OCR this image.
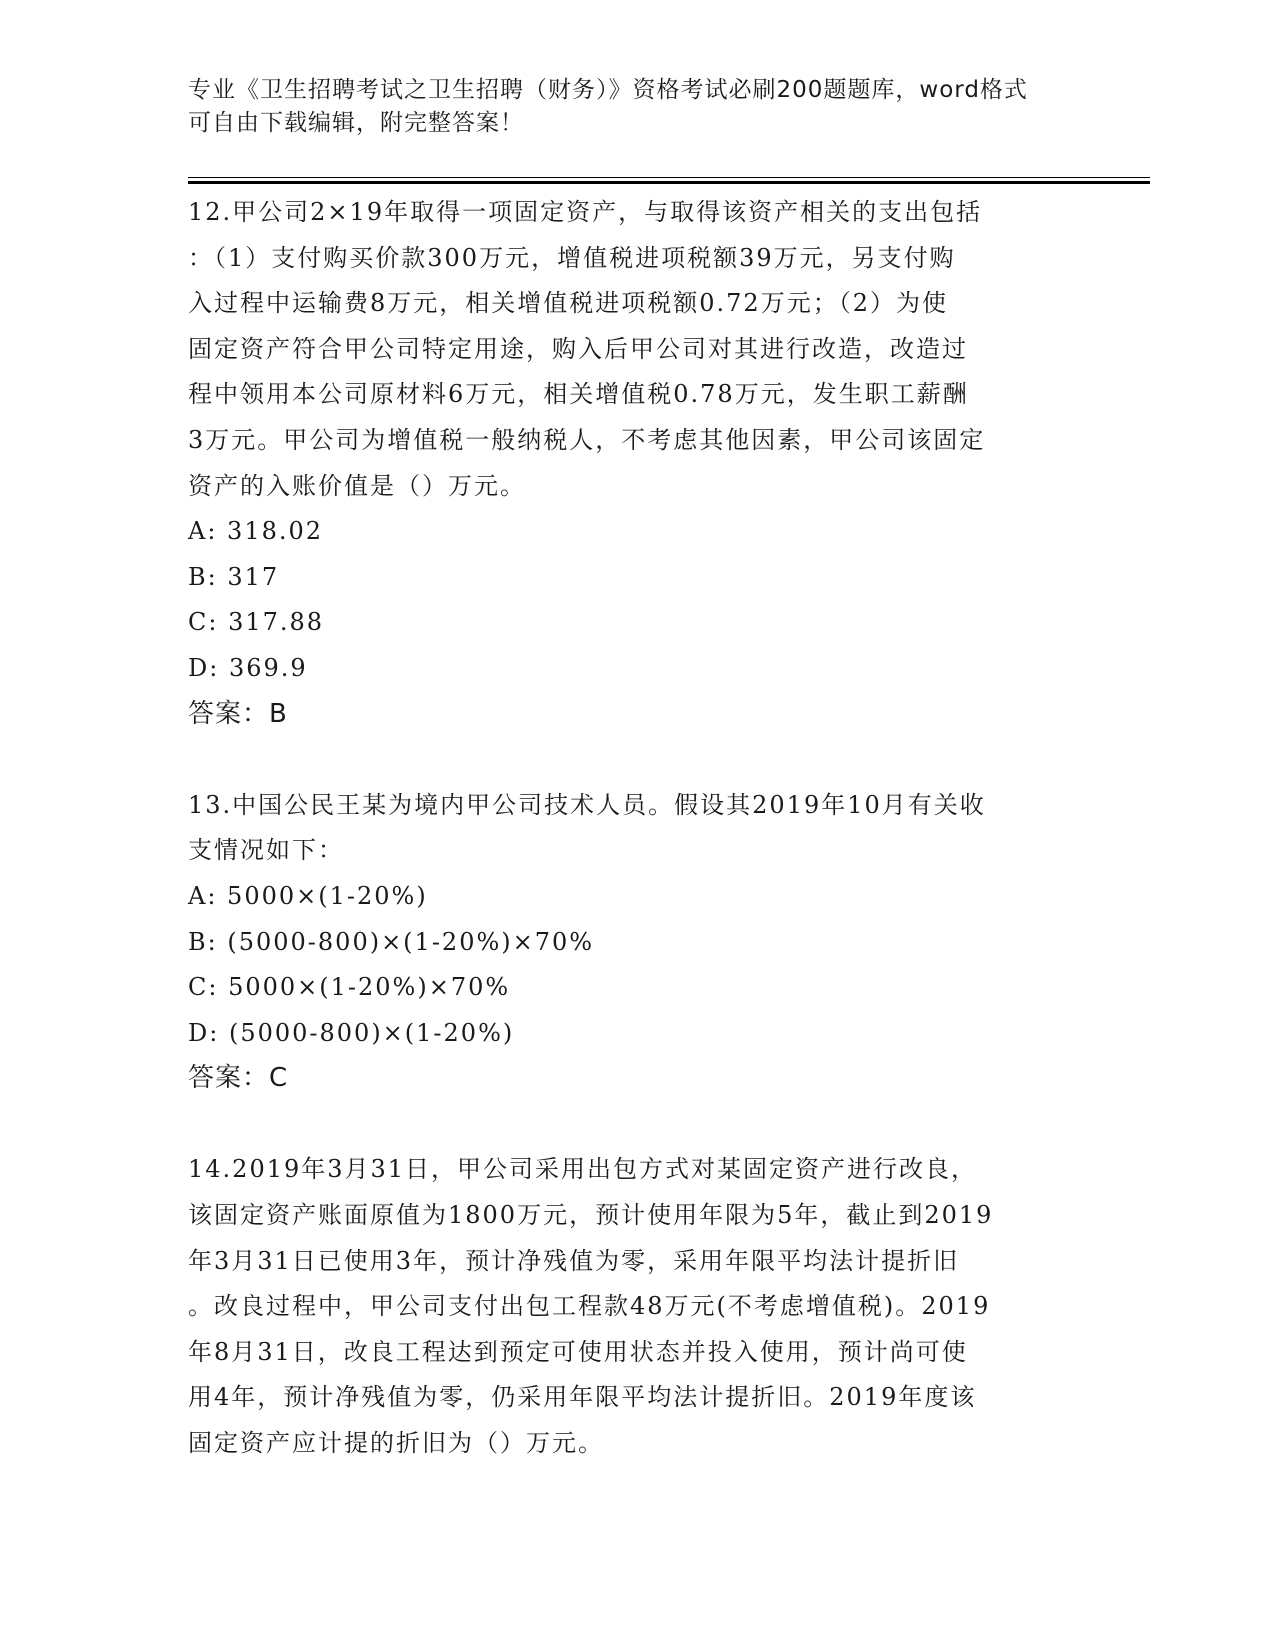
专业《卫生招聘考试之卫生招聘（财务）》资格考试必刷200题题库，word格式
可自由下载编辑，附完整答案！
12.甲公司2×19年取得一项固定资产，与取得该资产相关的支出包括
：（1）支付购买价款300万元，增值税进项税额39万元，另支付购
入过程中运输费8万元，相关增值税进项税额0.72万元；（2）为使
固定资产符合甲公司特定用途，购入后甲公司对其进行改造，改造过
程中领用本公司原材料6万元，相关增值税0.78万元，发生职工薪酬
3万元。甲公司为增值税一般纳税人，不考虑其他因素，甲公司该固定
资产的入账价值是（）万元。
A: 318.02
B: 317
C: 317.88
D: 369.9
答案：B
13.中国公民王某为境内甲公司技术人员。假设其2019年10月有关收
支情况如下：
A: 5000×(1-20%)
B: (5000-800)×(1-20%)×70%
C: 5000×(1-20%)×70%
D: (5000-800)×(1-20%)
答案：C
14.2019年3月31日，甲公司采用出包方式对某固定资产进行改良，
该固定资产账面原值为1800万元，预计使用年限为5年，截止到2019
年3月31日已使用3年，预计净残值为零，采用年限平均法计提折旧
。改良过程中，甲公司支付出包工程款48万元(不考虑增值税)。2019
年8月31日，改良工程达到预定可使用状态并投入使用，预计尚可使
用4年，预计净残值为零，仍采用年限平均法计提折旧。2019年度该
固定资产应计提的折旧为（）万元。
